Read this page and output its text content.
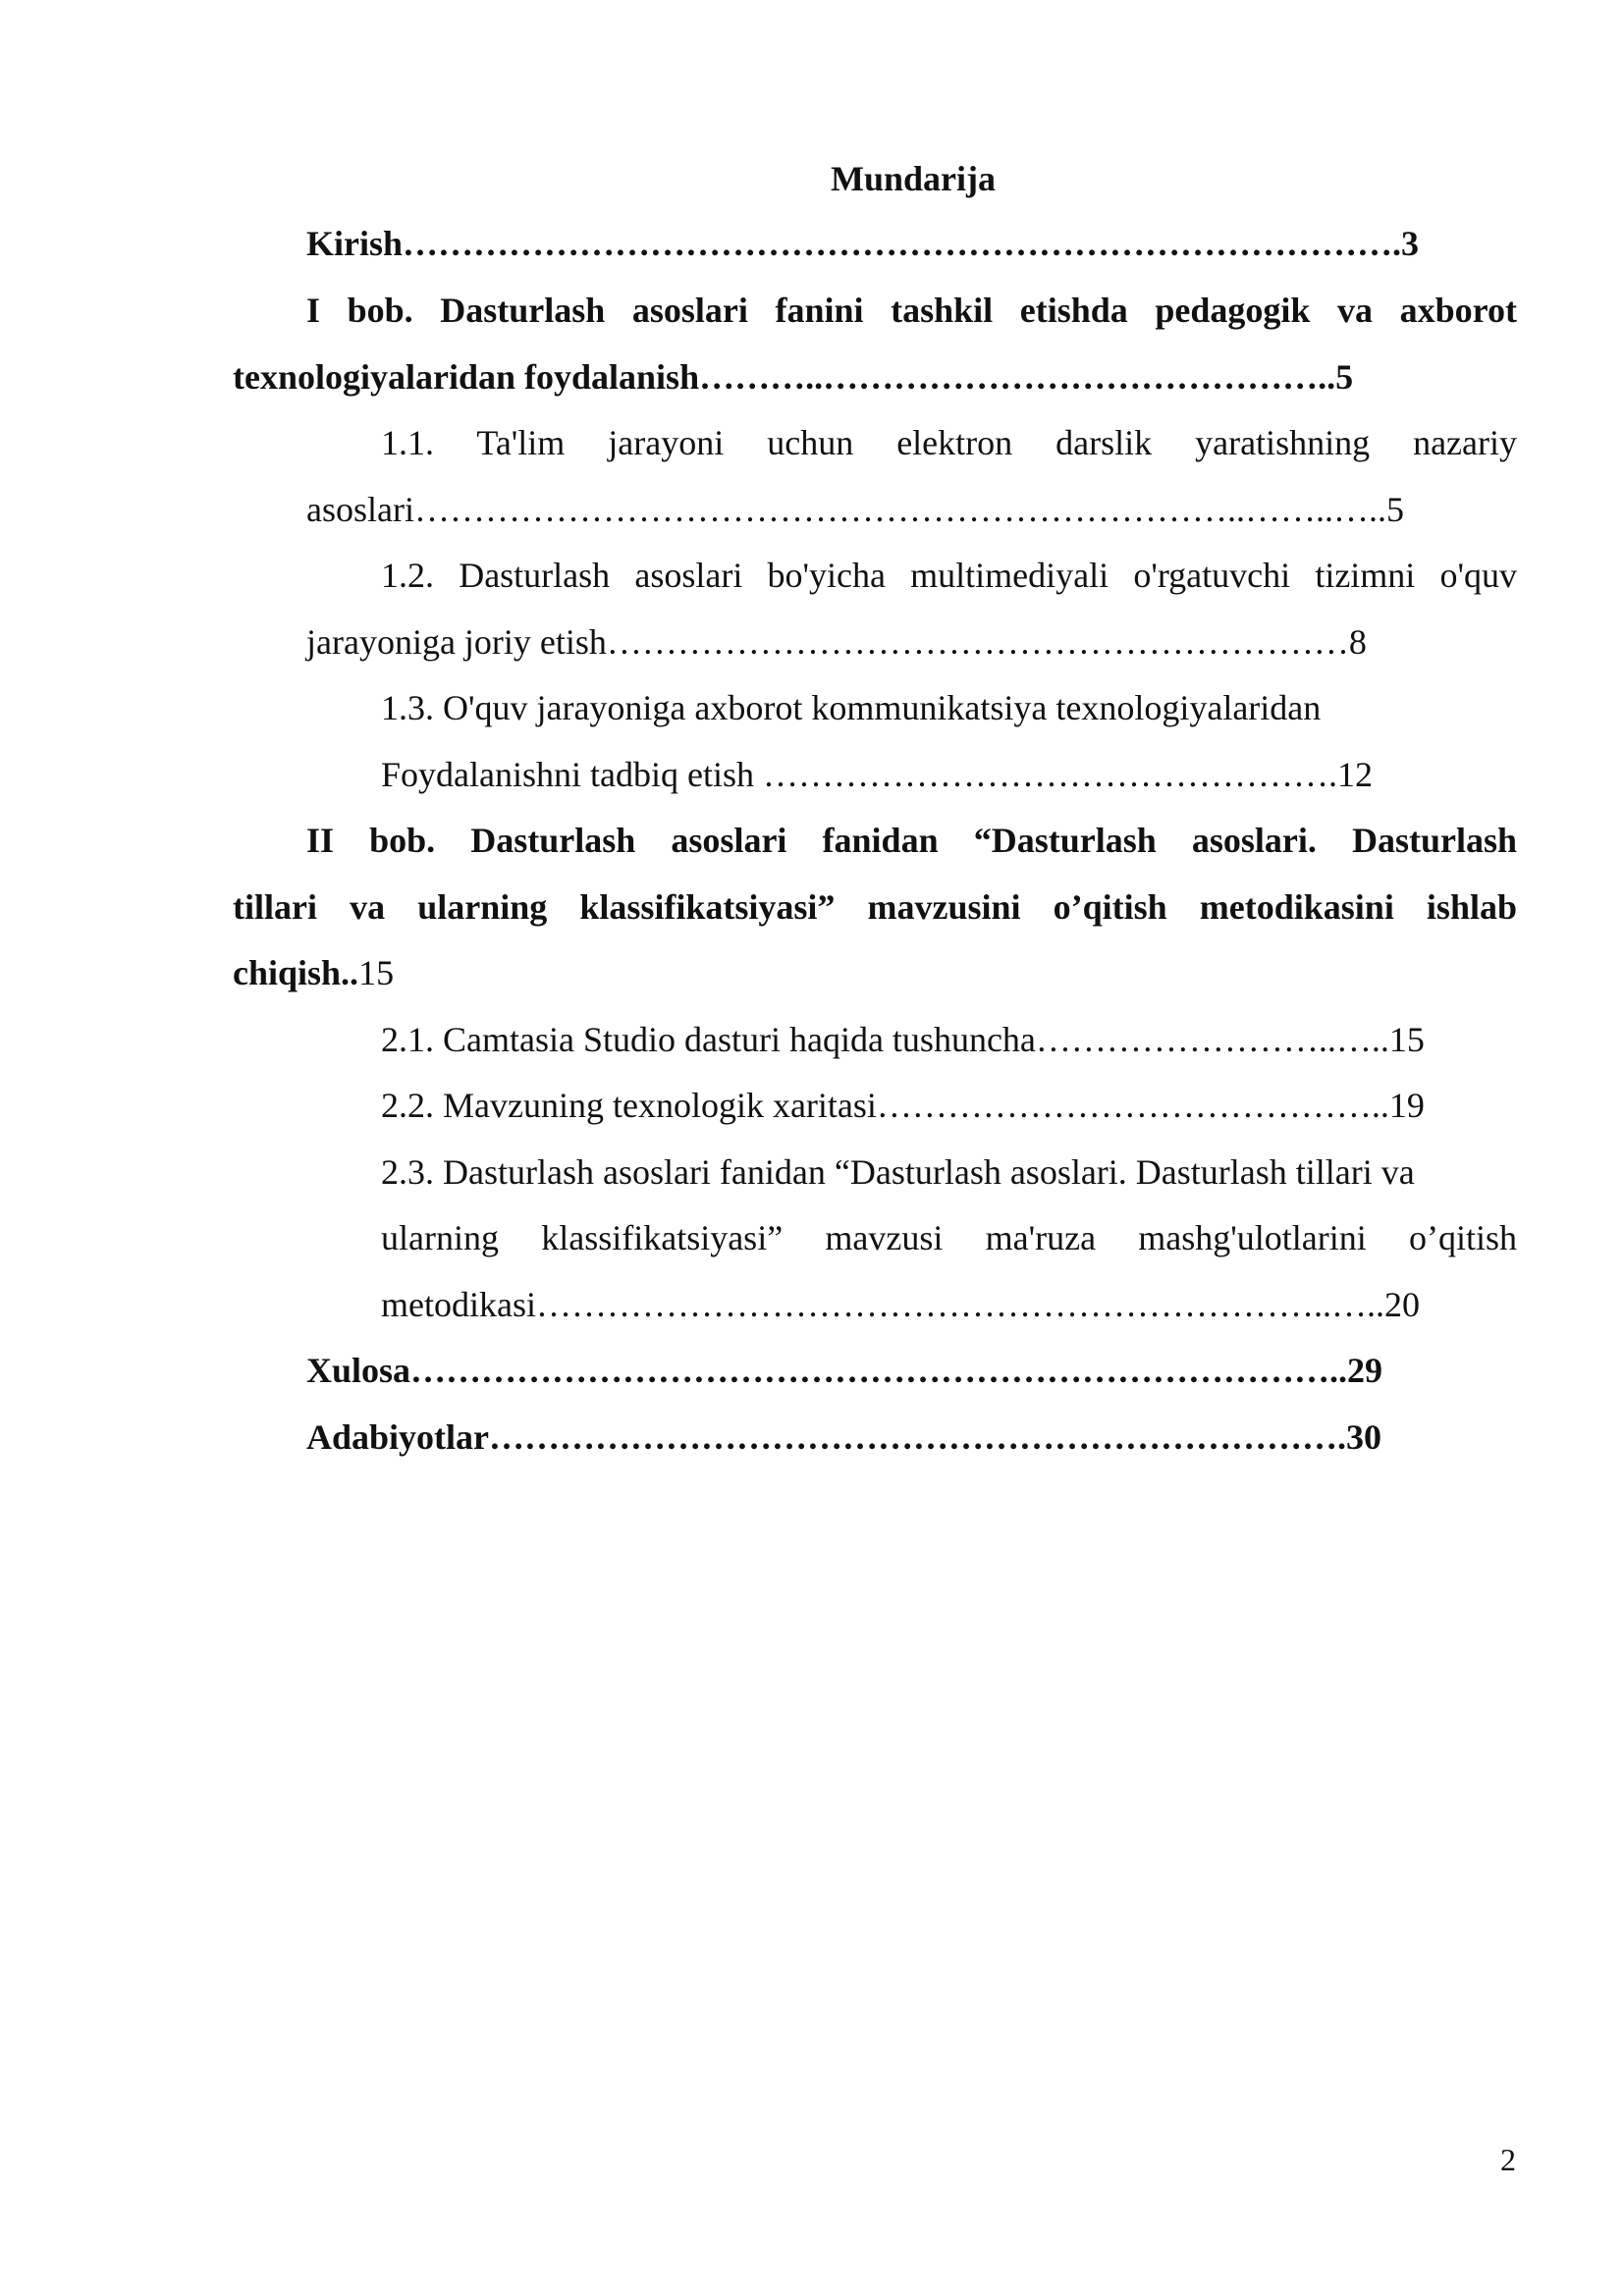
Mundarija
Kirish………………………………………………………………………….3
I bob. Dasturlash asoslari fanini tashkil etishda pedagogik va axborot
texnologiyalaridan foydalanish………..……………………………………..5
1.1. Ta'lim jarayoni uchun elektron darslik yaratishning nazariy
asoslari……………………………………………………………..……..…..5
1.2. Dasturlash asoslari bo'yicha multimediyali o'rgatuvchi tizimni o'quv
jarayoniga joriy etish………………………………………………………8
1.3. O'quv jarayoniga axborot kommunikatsiya texnologiyalaridan
Foydalanishni tadbiq etish ………………………………………….12
II bob. Dasturlash asoslari fanidan “Dasturlash asoslari. Dasturlash
tillari va ularning klassifikatsiyasi” mavzusini o’qitish metodikasini ishlab
chiqish..15
2.1. Camtasia Studio dasturi haqida tushuncha……………………..…..15
2.2. Mavzuning texnologik xaritasi……………………………………..19
2.3. Dasturlash asoslari fanidan “Dasturlash asoslari. Dasturlash tillari va
ularning klassifikatsiyasi” mavzusi ma'ruza mashg'ulotlarini o’qitish
metodikasi…………………………………………………………..…..20
Xulosa……………………………………………………………………..29
Adabiyotlar……………………………………………………………….30
2
